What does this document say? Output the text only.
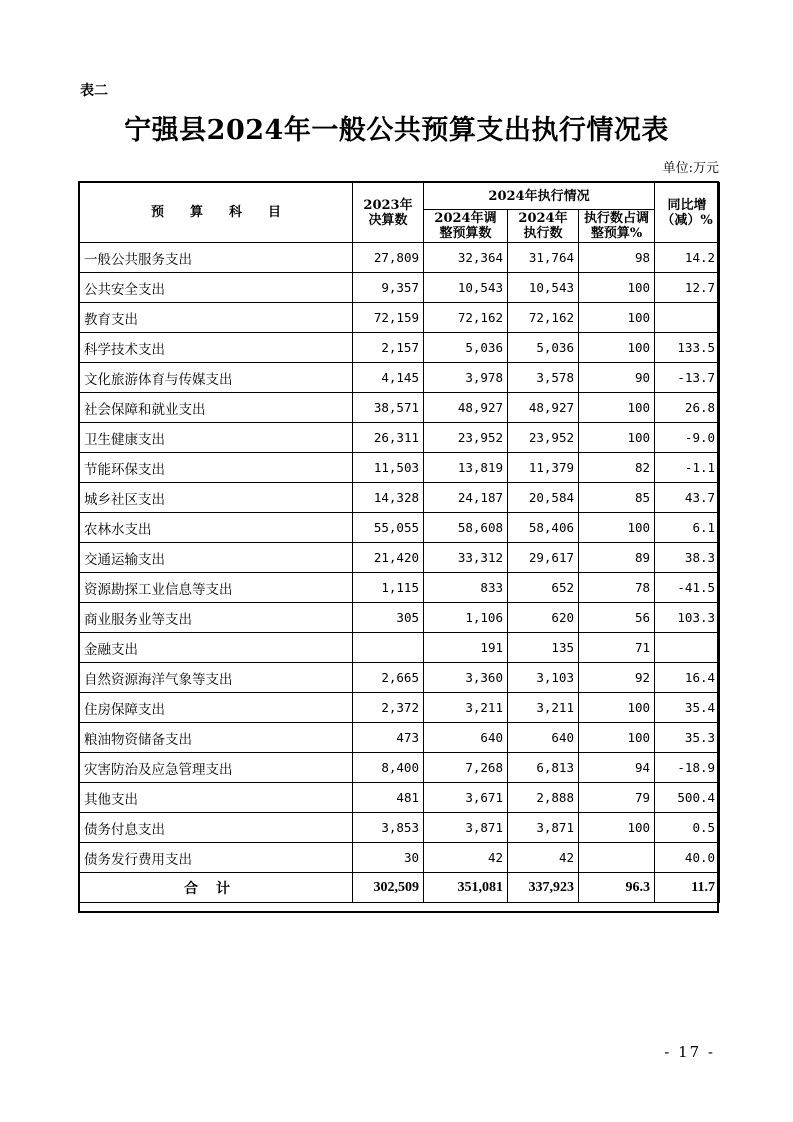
表二
宁强县2024年一般公共预算支出执行情况表
单位:万元
预　　算　　科　　目	2023年决算数	2024年执行情况			同比增（减）%
		2024年调整预算数	2024年执行数	执行数占调整预算%	
一般公共服务支出	27,809	32,364	31,764	98	14.2
公共安全支出	9,357	10,543	10,543	100	12.7
教育支出	72,159	72,162	72,162	100	
科学技术支出	2,157	5,036	5,036	100	133.5
文化旅游体育与传媒支出	4,145	3,978	3,578	90	-13.7
社会保障和就业支出	38,571	48,927	48,927	100	26.8
卫生健康支出	26,311	23,952	23,952	100	-9.0
节能环保支出	11,503	13,819	11,379	82	-1.1
城乡社区支出	14,328	24,187	20,584	85	43.7
农林水支出	55,055	58,608	58,406	100	6.1
交通运输支出	21,420	33,312	29,617	89	38.3
资源勘探工业信息等支出	1,115	833	652	78	-41.5
商业服务业等支出	305	1,106	620	56	103.3
金融支出		191	135	71	
自然资源海洋气象等支出	2,665	3,360	3,103	92	16.4
住房保障支出	2,372	3,211	3,211	100	35.4
粮油物资储备支出	473	640	640	100	35.3
灾害防治及应急管理支出	8,400	7,268	6,813	94	-18.9
其他支出	481	3,671	2,888	79	500.4
债务付息支出	3,853	3,871	3,871	100	0.5
债务发行费用支出	30	42	42		40.0
合计	302,509	351,081	337,923	96.3	11.7
- 17 -
